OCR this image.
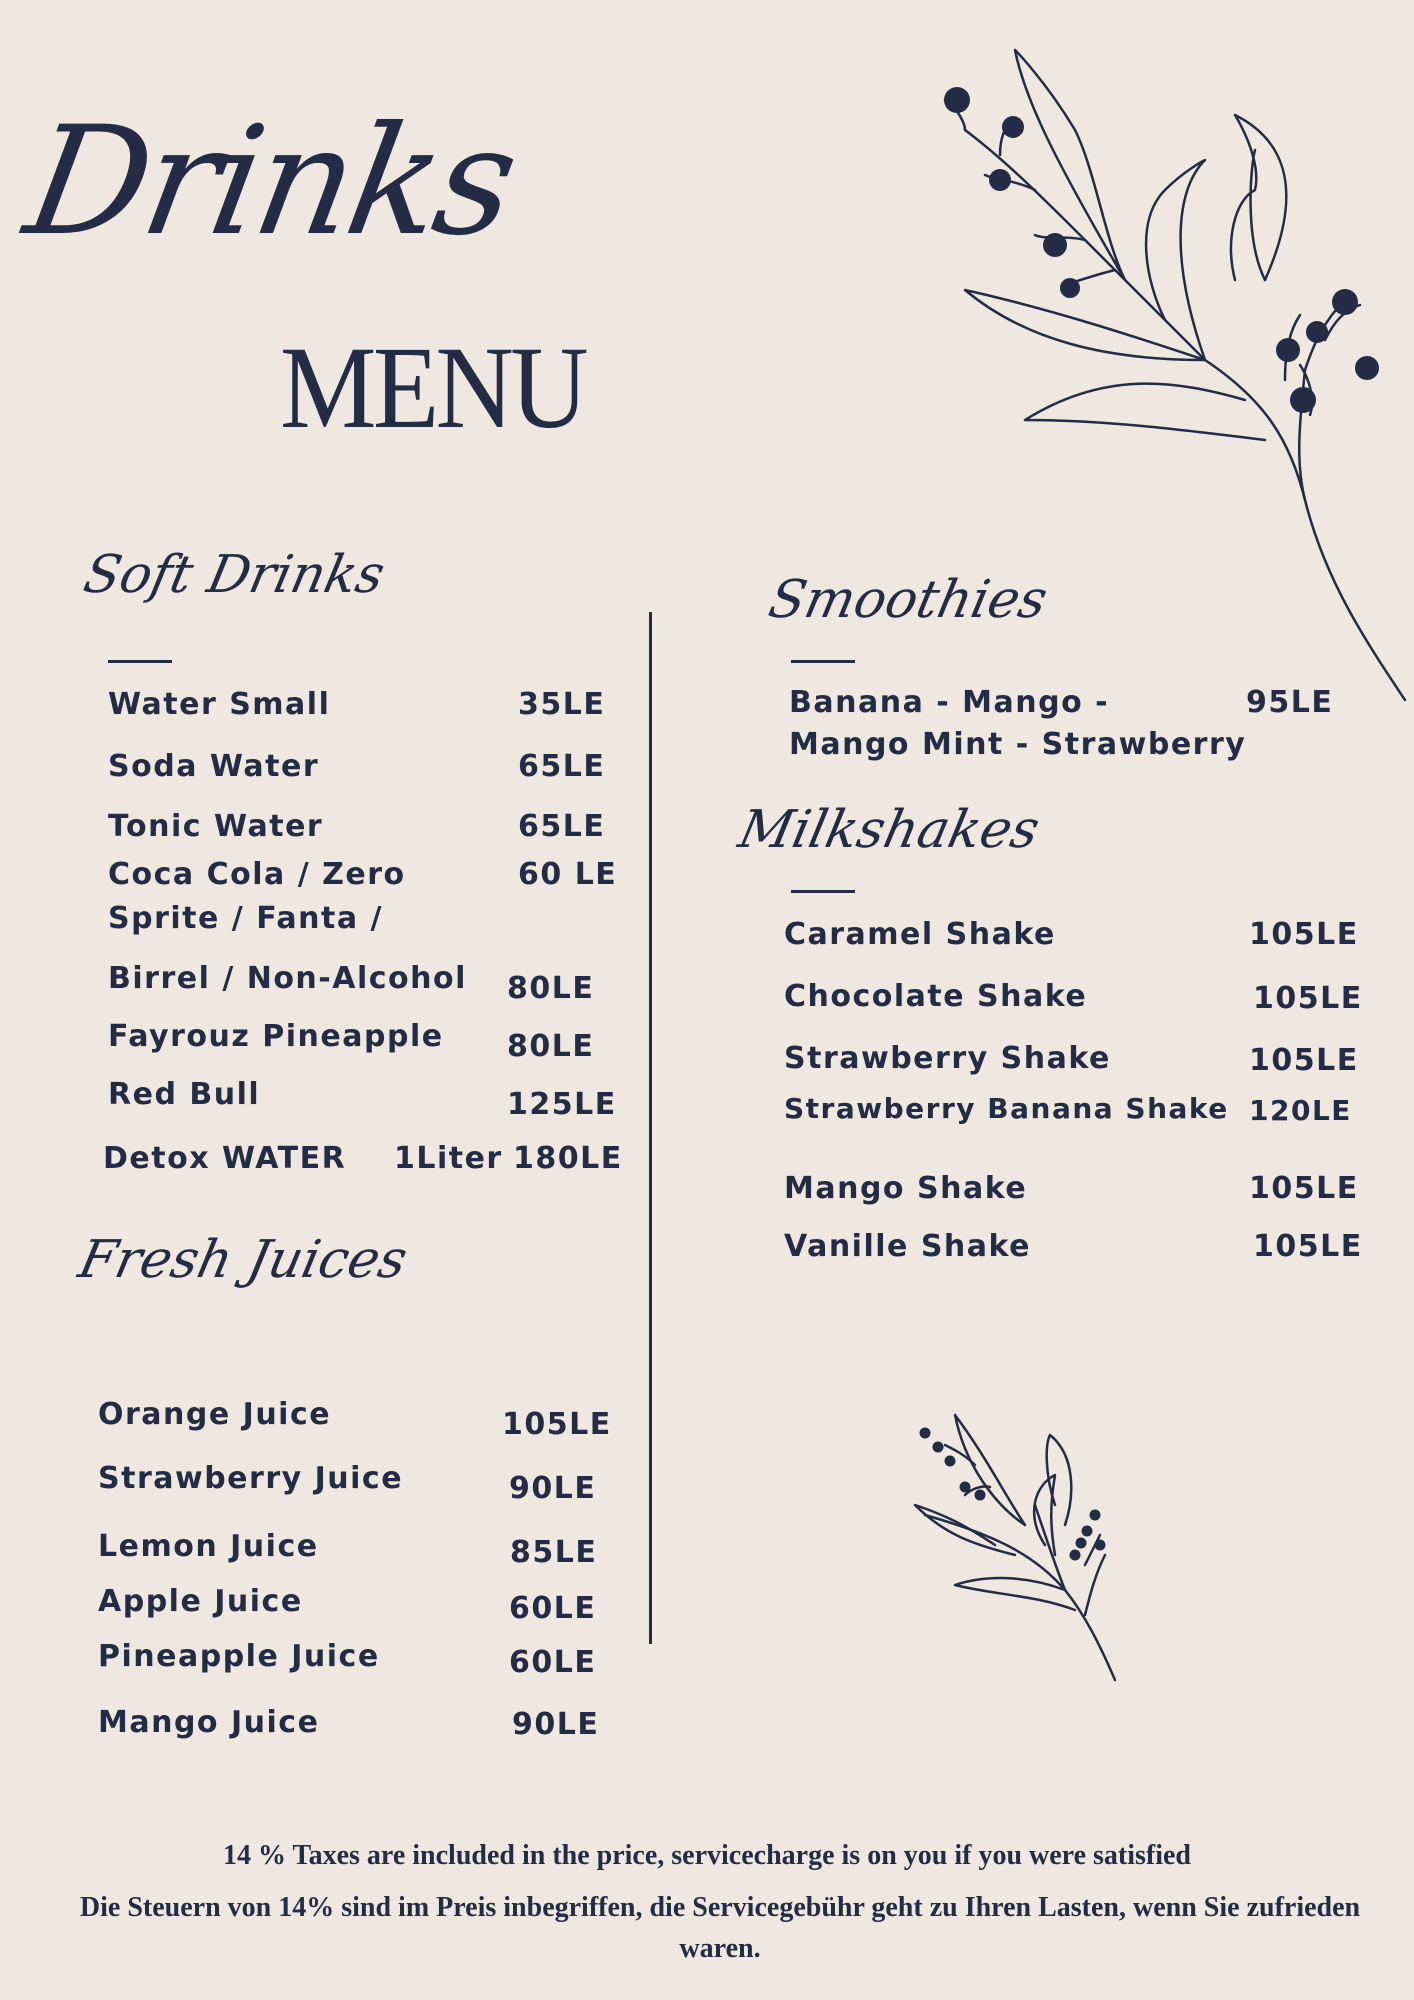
Drinks
MENU
Soft Drinks
Water Small	35LE
Soda Water	65LE
Tonic Water	65LE
Coca Cola / Zero	60 LE
Sprite / Fanta /
Birrel / Non-Alcohol 80LE
Fayrouz Pineapple 80LE
Red Bull	125LE
Detox WATER    1Liter 180LE
Fresh Juices
Orange Juice	105LE
Strawberry Juice	90LE
Lemon Juice	85LE
Apple Juice	60LE
Pineapple Juice	60LE
Mango Juice	90LE
Smoothies
Banana - Mango -	95LE
Mango Mint - Strawberry
Milkshakes
Caramel Shake	105LE
Chocolate Shake	105LE
Strawberry Shake	105LE
Strawberry Banana Shake 120LE
Mango Shake	105LE
Vanille Shake	105LE
14 % Taxes are included in the price, servicecharge is on you if you were satisfied
Die Steuern von 14% sind im Preis inbegriffen, die Servicegebühr geht zu Ihren Lasten, wenn Sie zufrieden waren.
